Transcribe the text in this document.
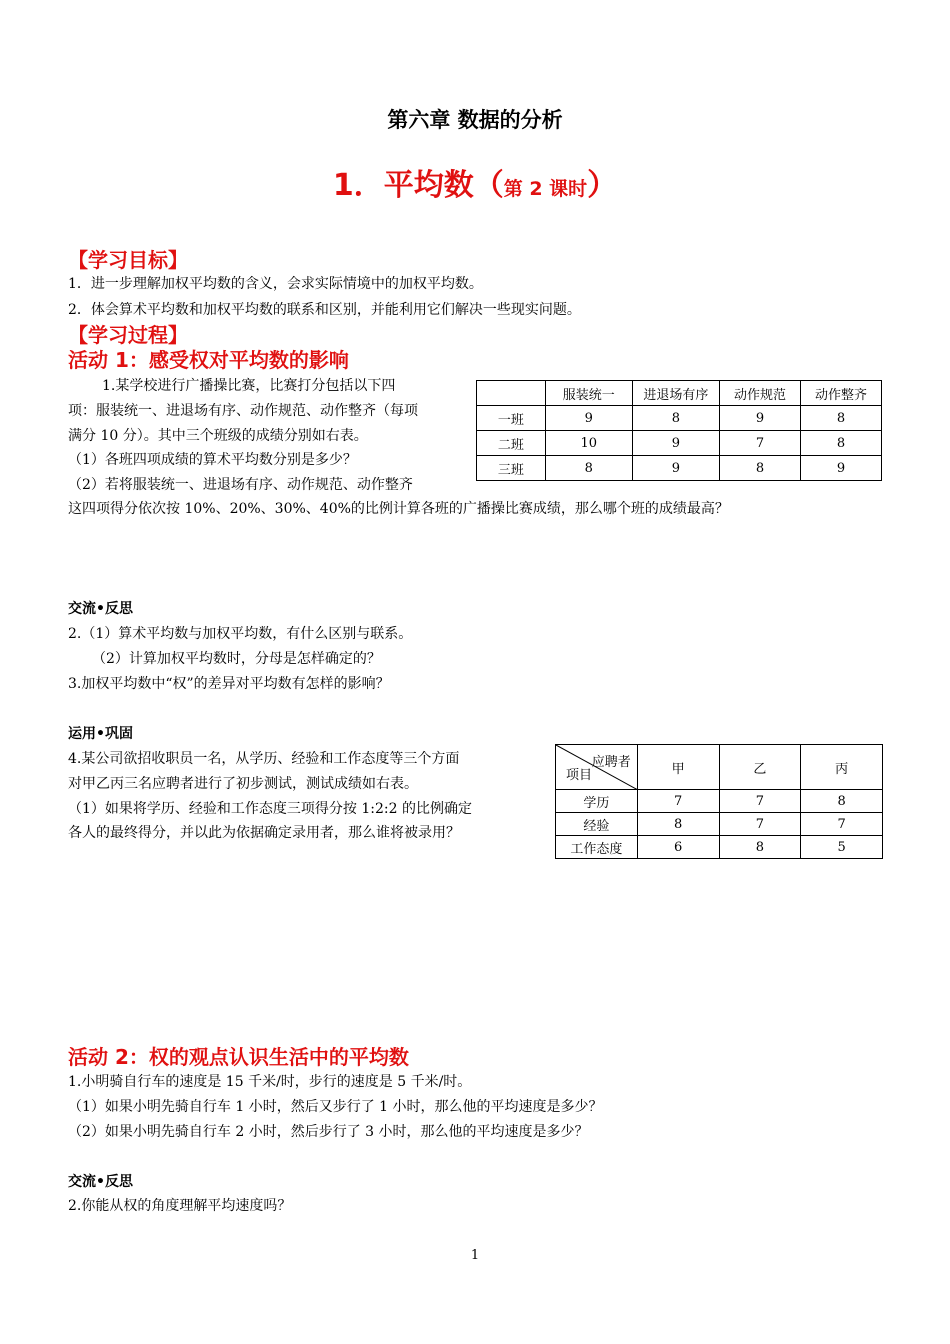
第六章 数据的分析
1．平均数（第 2 课时）
【学习目标】
1．进一步理解加权平均数的含义，会求实际情境中的加权平均数。
2．体会算术平均数和加权平均数的联系和区别，并能利用它们解决一些现实问题。
【学习过程】
活动 1：感受权对平均数的影响
1.某学校进行广播操比赛，比赛打分包括以下四
项：服装统一、进退场有序、动作规范、动作整齐（每项
满分 10 分）。其中三个班级的成绩分别如右表。
（1）各班四项成绩的算术平均数分别是多少？
（2）若将服装统一、进退场有序、动作规范、动作整齐
这四项得分依次按 10%、20%、30%、40%的比例计算各班的广播操比赛成绩，那么哪个班的成绩最高？
	服装统一	进退场有序	动作规范	动作整齐
一班	9	8	9	8
二班	10	9	7	8
三班	8	9	8	9
交流•反思
2.（1）算术平均数与加权平均数，有什么区别与联系。
（2）计算加权平均数时，分母是怎样确定的？
3.加权平均数中“权”的差异对平均数有怎样的影响？
运用•巩固
4.某公司欲招收职员一名，从学历、经验和工作态度等三个方面
对甲乙丙三名应聘者进行了初步测试，测试成绩如右表。
（1）如果将学历、经验和工作态度三项得分按 1:2:2 的比例确定
各人的最终得分，并以此为依据确定录用者，那么谁将被录用？
应聘者
项目	甲	乙	丙
学历	7	7	8
经验	8	7	7
工作态度	6	8	5
活动 2：权的观点认识生活中的平均数
1.小明骑自行车的速度是 15 千米/时，步行的速度是 5 千米/时。
（1）如果小明先骑自行车 1 小时，然后又步行了 1 小时，那么他的平均速度是多少？
（2）如果小明先骑自行车 2 小时，然后步行了 3 小时，那么他的平均速度是多少？
交流•反思
2.你能从权的角度理解平均速度吗？
1
